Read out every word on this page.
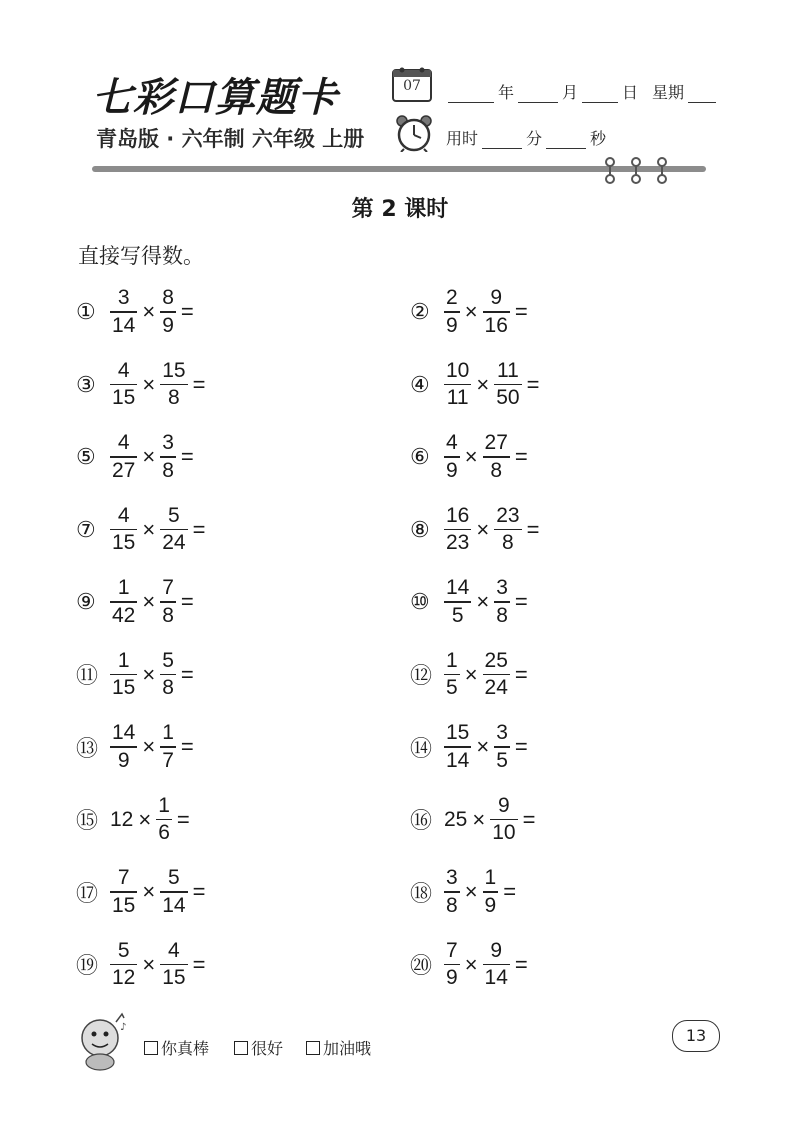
七彩口算题卡
青岛版 · 六年制 六年级 上册
07	年	月	日 星期
用时	分	秒
第 2 课时
直接写得数。
① $\frac{3}{14} \times \frac{8}{9}$ =	② $\frac{2}{9} \times \frac{9}{16}$ =
③ $\frac{4}{15} \times \frac{15}{8}$ =	④ $\frac{10}{11} \times \frac{11}{50}$ =
⑤ $\frac{4}{27} \times \frac{3}{8}$ =	⑥ $\frac{4}{9} \times \frac{27}{8}$ =
⑦ $\frac{4}{15} \times \frac{5}{24}$ =	⑧ $\frac{16}{23} \times \frac{23}{8}$ =
⑨ $\frac{1}{42} \times \frac{7}{8}$ =	⑩ $\frac{14}{5} \times \frac{3}{8}$ =
⑪ $\frac{1}{15} \times \frac{5}{8}$ =	⑫ $\frac{1}{5} \times \frac{25}{24}$ =
⑬ $\frac{14}{9} \times \frac{1}{7}$ =	⑭ $\frac{15}{14} \times \frac{3}{5}$ =
⑮ $12 \times \frac{1}{6}$ =	⑯ $25 \times \frac{9}{10}$ =
⑰ $\frac{7}{15} \times \frac{5}{14}$ =	⑱ $\frac{3}{8} \times \frac{1}{9}$ =
⑲ $\frac{5}{12} \times \frac{4}{15}$ =	⑳ $\frac{7}{9} \times \frac{9}{14}$ =
♪
你真棒	很好 加油哦
13
